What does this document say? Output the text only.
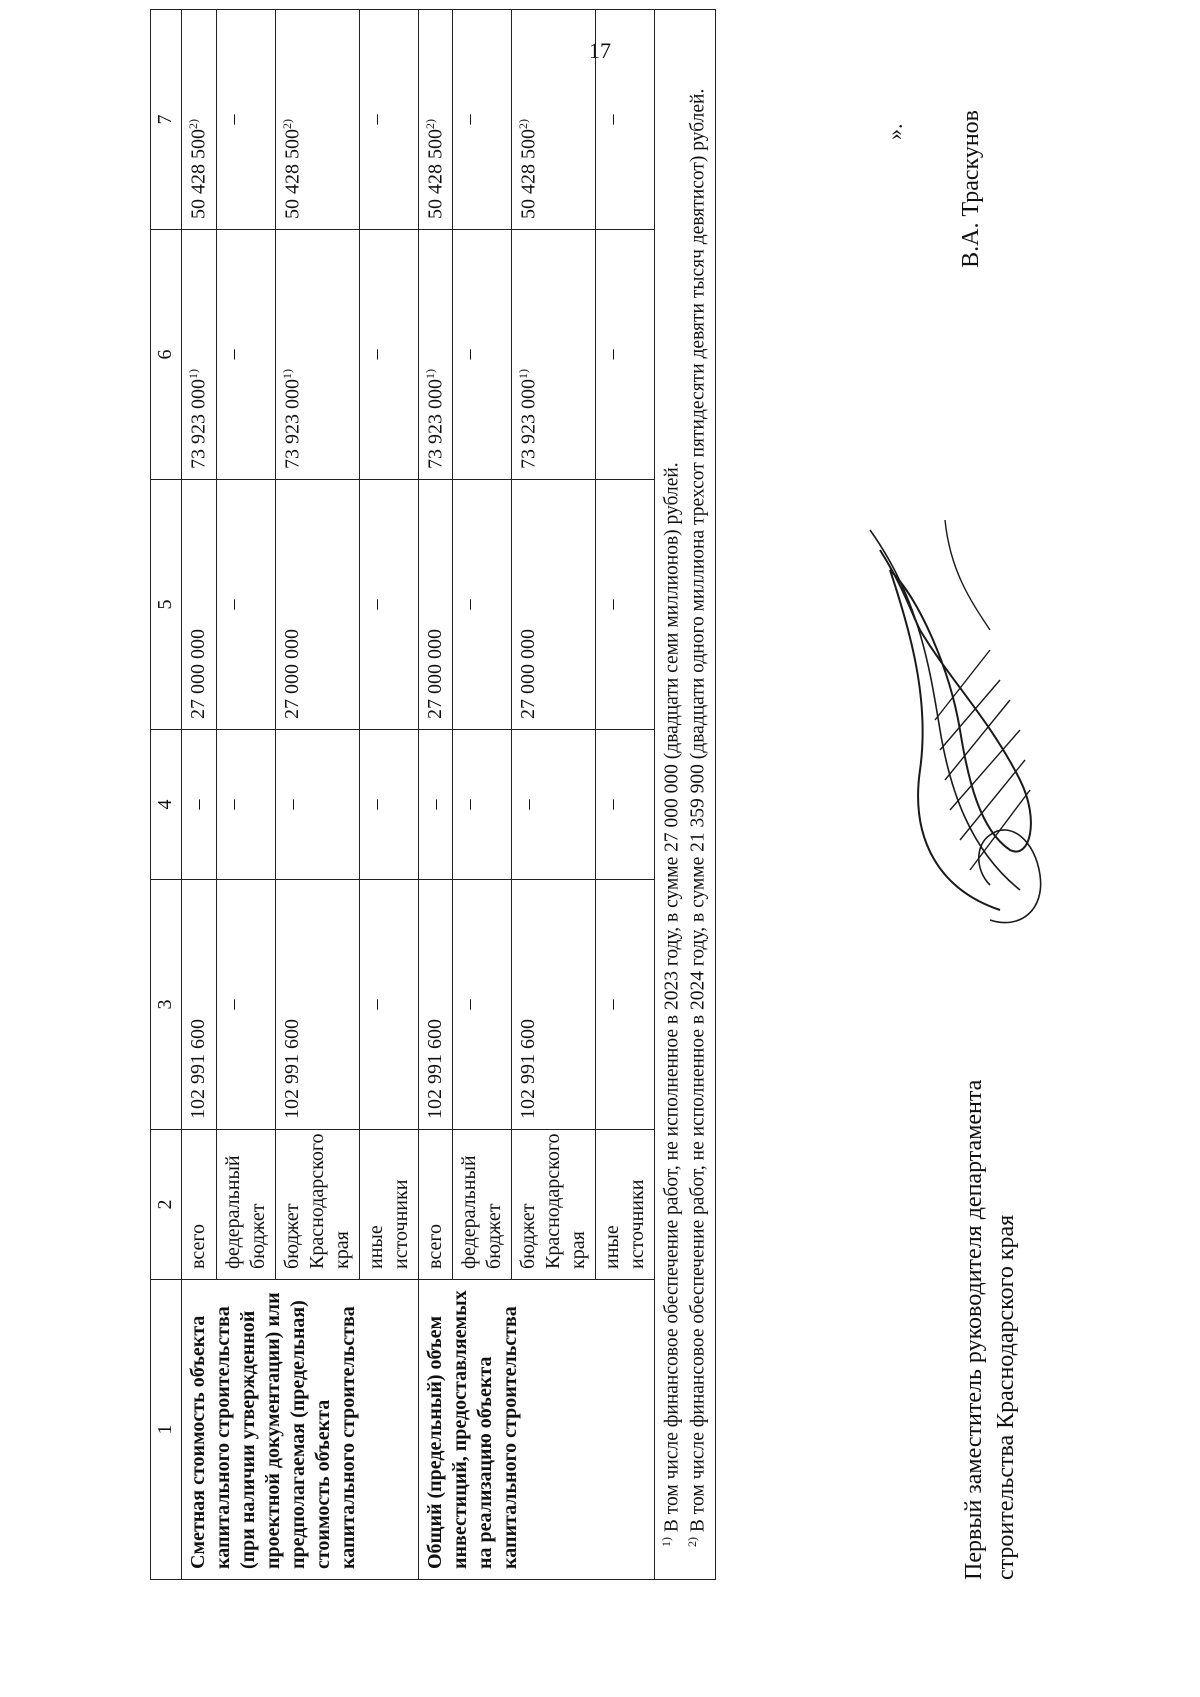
17
1	2	3	4	5	6	7
Сметная стоимость объекта капитального строительства (при наличии утвержденной проектной документации) или предполагаемая (предельная) стоимость объекта капитального строительства	всего	102 991 600	–	27 000 000	73 923 000$^{1)}$	50 428 500$^{2)}$
	федеральный бюджет	–	–	–	–	–
	бюджет Краснодарского края	102 991 600	–	27 000 000	73 923 000$^{1)}$	50 428 500$^{2)}$
	иные источники	–	–	–	–	–
Общий (предельный) объем инвестиций, предоставляемых на реализацию объекта капитального строительства	всего	102 991 600	–	27 000 000	73 923 000$^{1)}$	50 428 500$^{2)}$
	федеральный бюджет	–	–	–	–	–
	бюджет Краснодарского края	102 991 600	–	27 000 000	73 923 000$^{1)}$	50 428 500$^{2)}$
	иные источники	–	–	–	–	–

$^{1)}$ В том числе финансовое обеспечение работ, не исполненное в 2023 году, в сумме 27 000 000 (двадцати семи миллионов) рублей.

$^{2)}$ В том числе финансовое обеспечение работ, не исполненное в 2024 году, в сумме 21 359 900 (двадцати одного миллиона трехсот пятидесяти девяти тысяч девятисот) рублей.							».
Первый заместитель руководителя департамента строительства Краснодарского края
В.А. Траскунов
